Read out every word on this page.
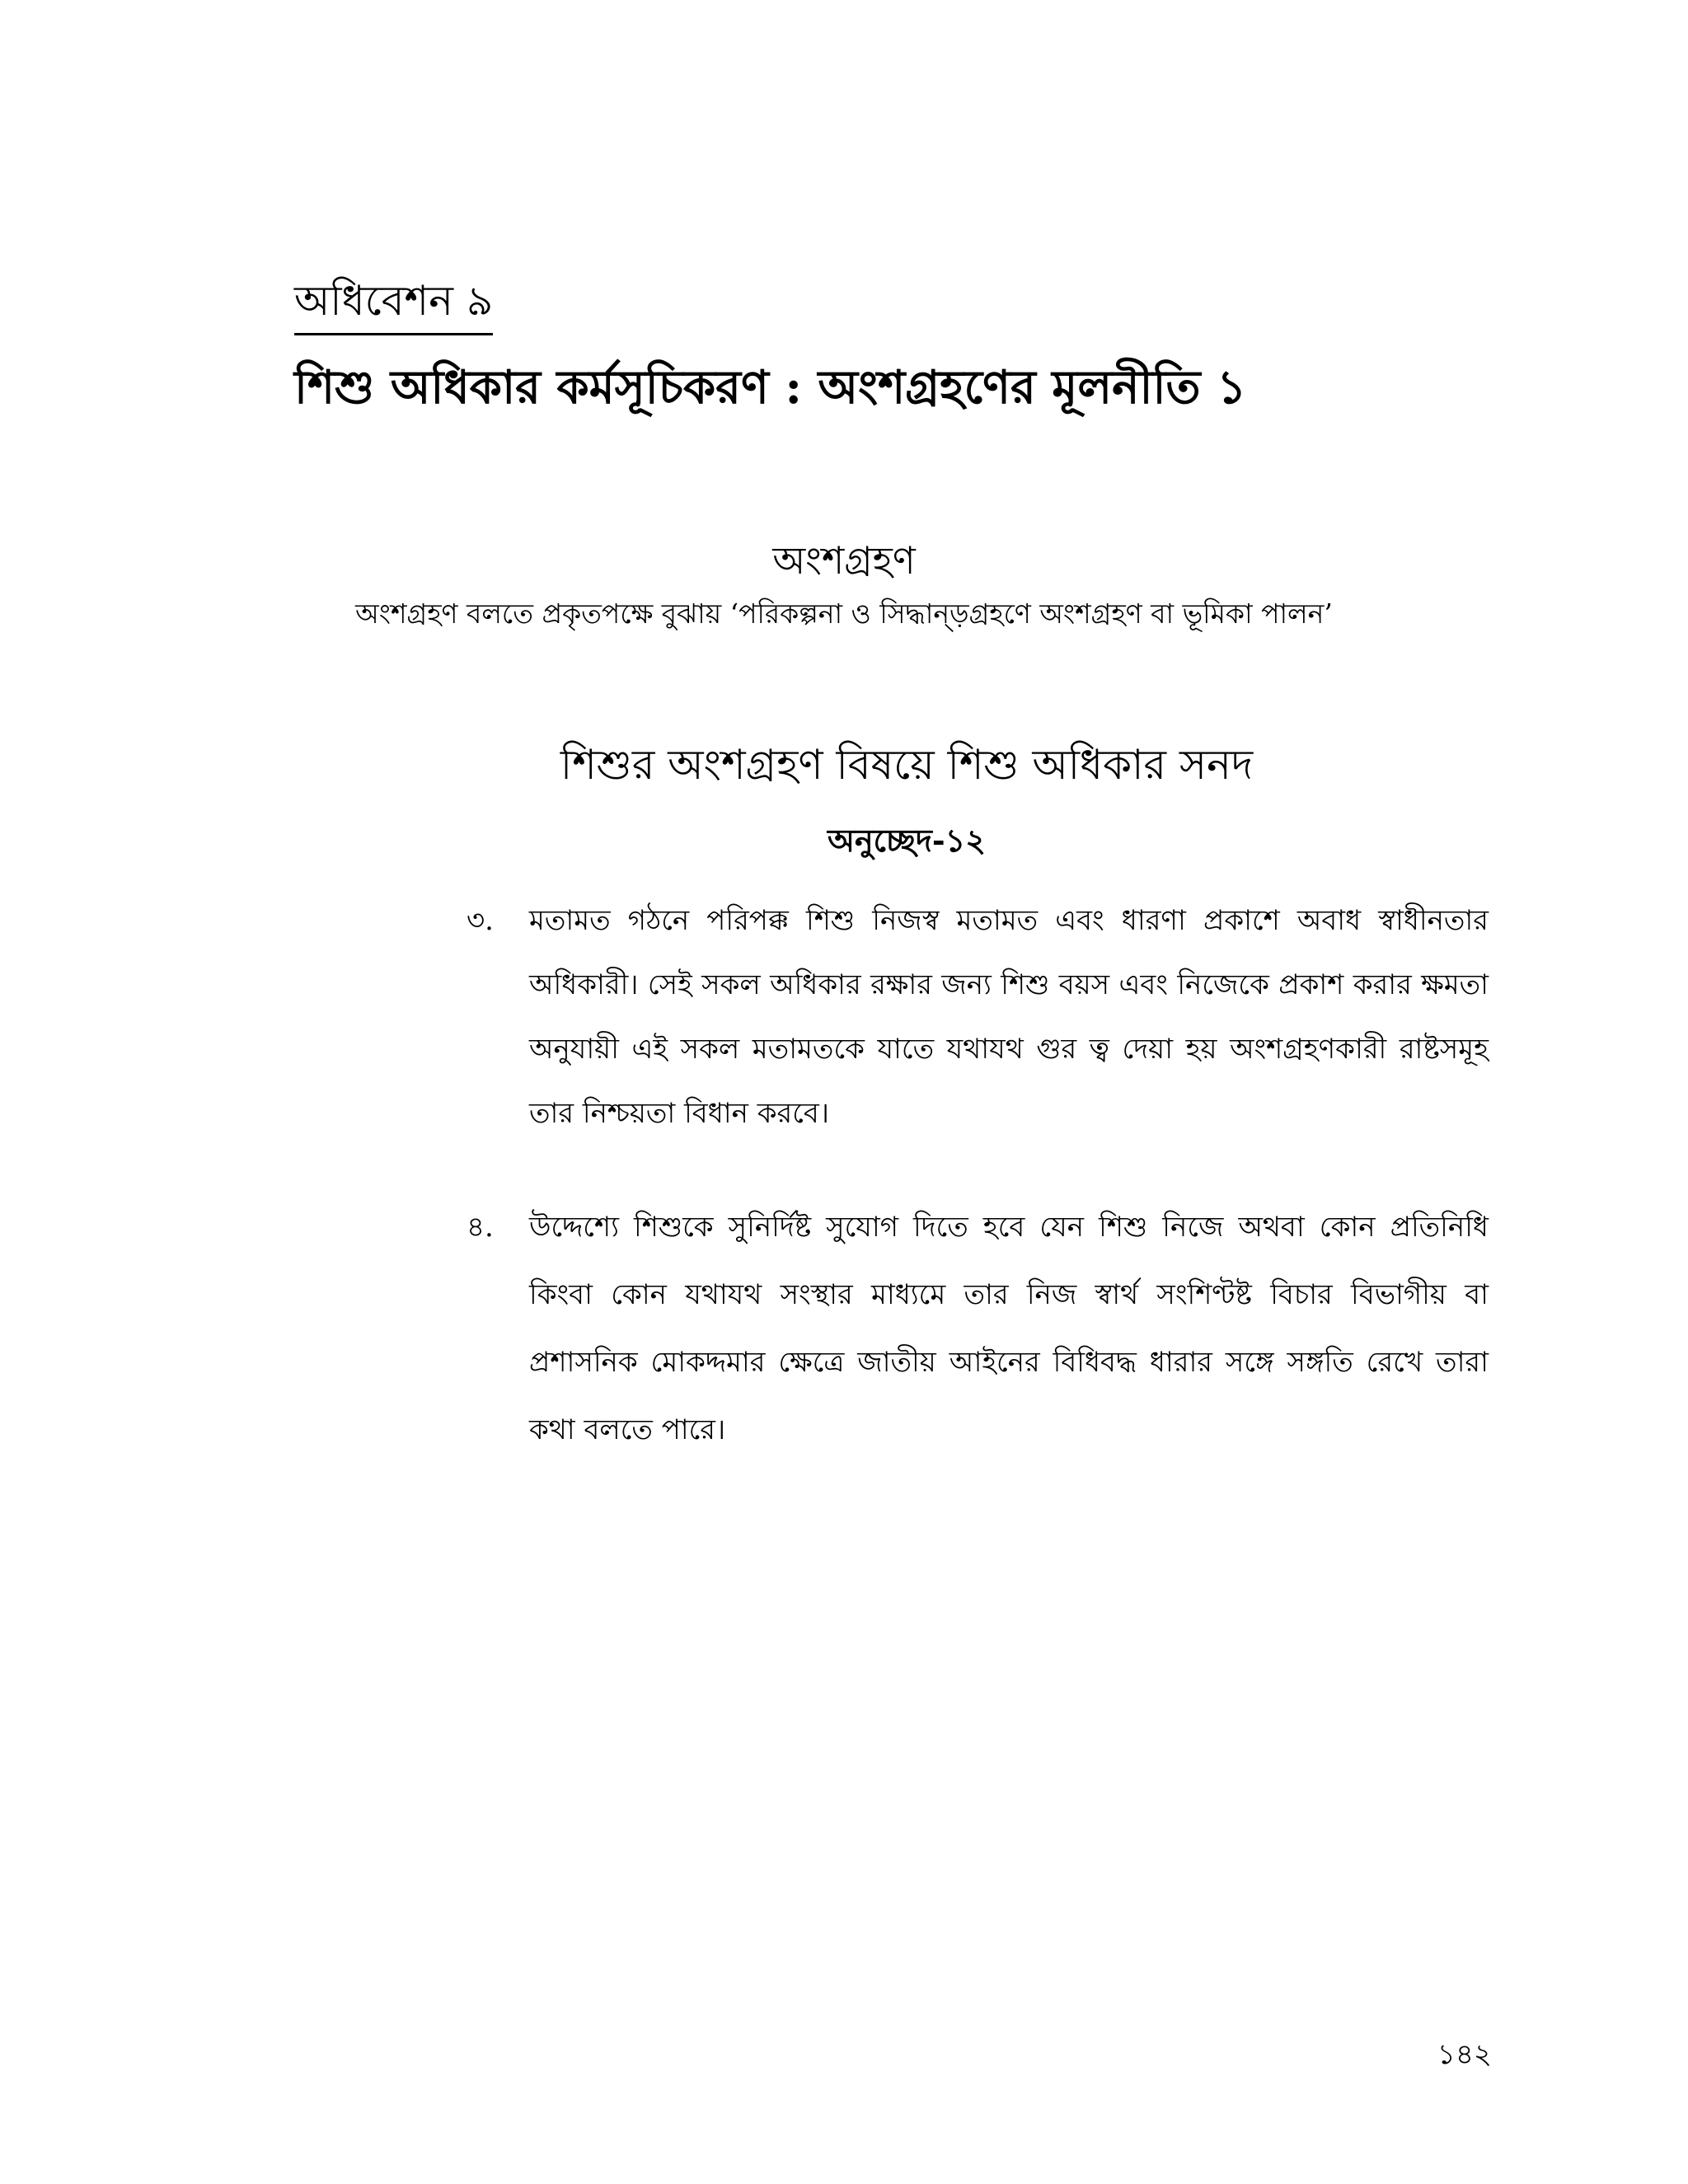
অধিবেশন ৯
শিশু অধিকার কর্মসূচিকরণ : অংশগ্রহণের মূলনীতি ১
অংশগ্রহণ
অংশগ্রহণ বলতে প্রকৃতপক্ষে বুঝায় ‘পরিকল্পনা ও সিদ্ধান্ড়গ্রহণে অংশগ্রহণ বা ভূমিকা পালন’
শিশুর অংশগ্রহণ বিষয়ে শিশু অধিকার সনদ
অনুচ্ছেদ-১২
৩.	মতামত গঠনে পরিপক্ক শিশু নিজস্ব মতামত এবং ধারণা প্রকাশে অবাধ স্বাধীনতার অধিকারী। সেই সকল অধিকার রক্ষার জন্য শিশু বয়স এবং নিজেকে প্রকাশ করার ক্ষমতা অনুযায়ী এই সকল মতামতকে যাতে যথাযথ গুর ত্ব দেয়া হয় অংশগ্রহণকারী রাষ্টসমূহ তার নিশ্চয়তা বিধান করবে।
৪.	উদ্দেশ্যে শিশুকে সুনির্দিষ্ট সুযোগ দিতে হবে যেন শিশু নিজে অথবা কোন প্রতিনিধি কিংবা কোন যথাযথ সংস্থার মাধ্যমে তার নিজ স্বার্থ সংশিণ্টষ্ট বিচার বিভাগীয় বা প্রশাসনিক মোকদ্দমার ক্ষেত্রে জাতীয় আইনের বিধিবদ্ধ ধারার সঙ্গে সঙ্গতি রেখে তারা কথা বলতে পারে।
১৪২
